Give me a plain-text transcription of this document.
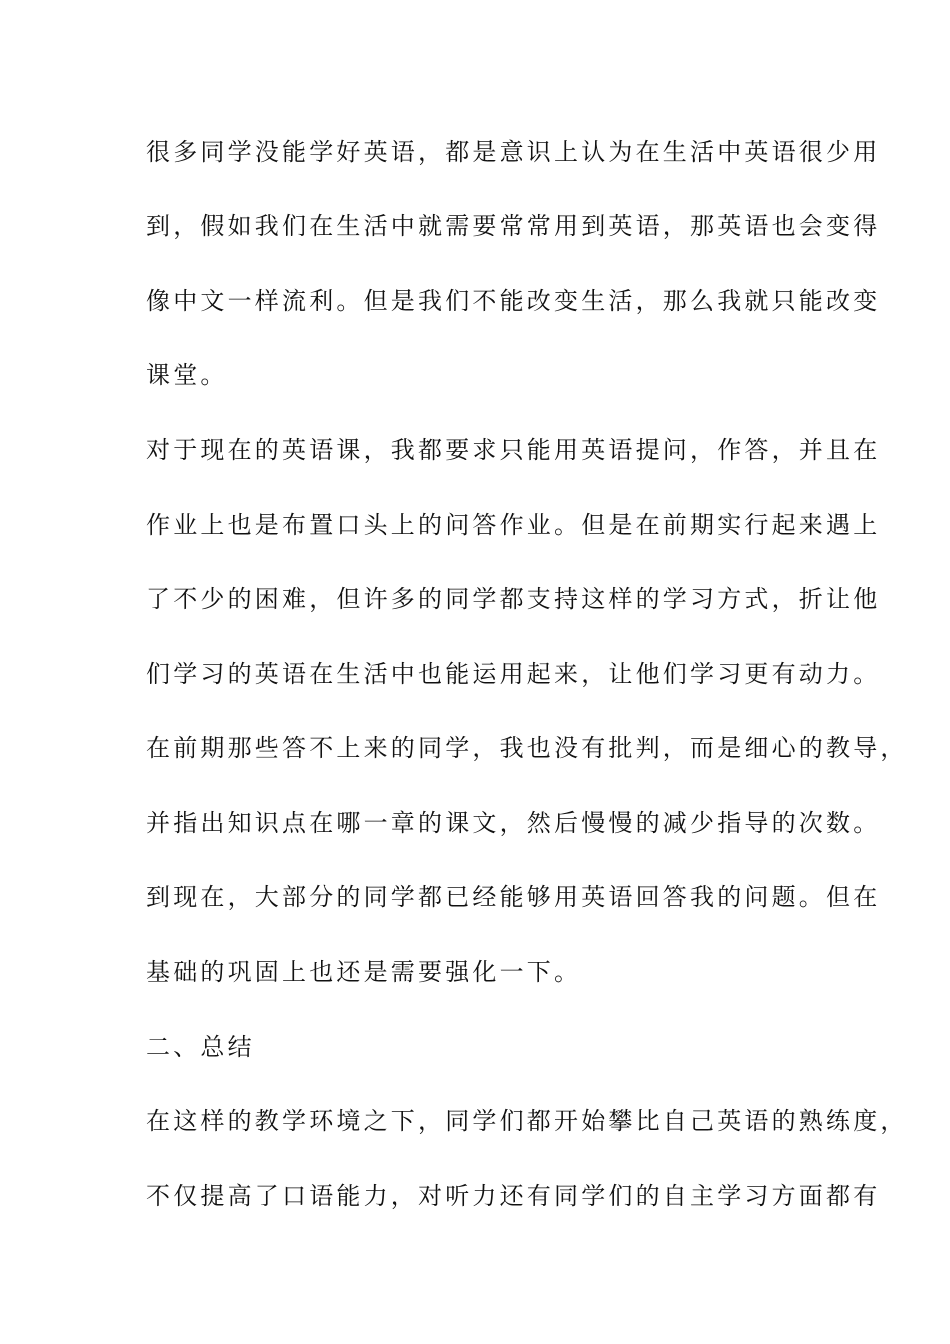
很多同学没能学好英语，都是意识上认为在生活中英语很少用
到，假如我们在生活中就需要常常用到英语，那英语也会变得
像中文一样流利。但是我们不能改变生活，那么我就只能改变
课堂。
对于现在的英语课，我都要求只能用英语提问，作答，并且在
作业上也是布置口头上的问答作业。但是在前期实行起来遇上
了不少的困难，但许多的同学都支持这样的学习方式，折让他
们学习的英语在生活中也能运用起来，让他们学习更有动力。
在前期那些答不上来的同学，我也没有批判，而是细心的教导，
并指出知识点在哪一章的课文，然后慢慢的减少指导的次数。
到现在，大部分的同学都已经能够用英语回答我的问题。但在
基础的巩固上也还是需要强化一下。
二、总结
在这样的教学环境之下，同学们都开始攀比自己英语的熟练度，
不仅提高了口语能力，对听力还有同学们的自主学习方面都有
